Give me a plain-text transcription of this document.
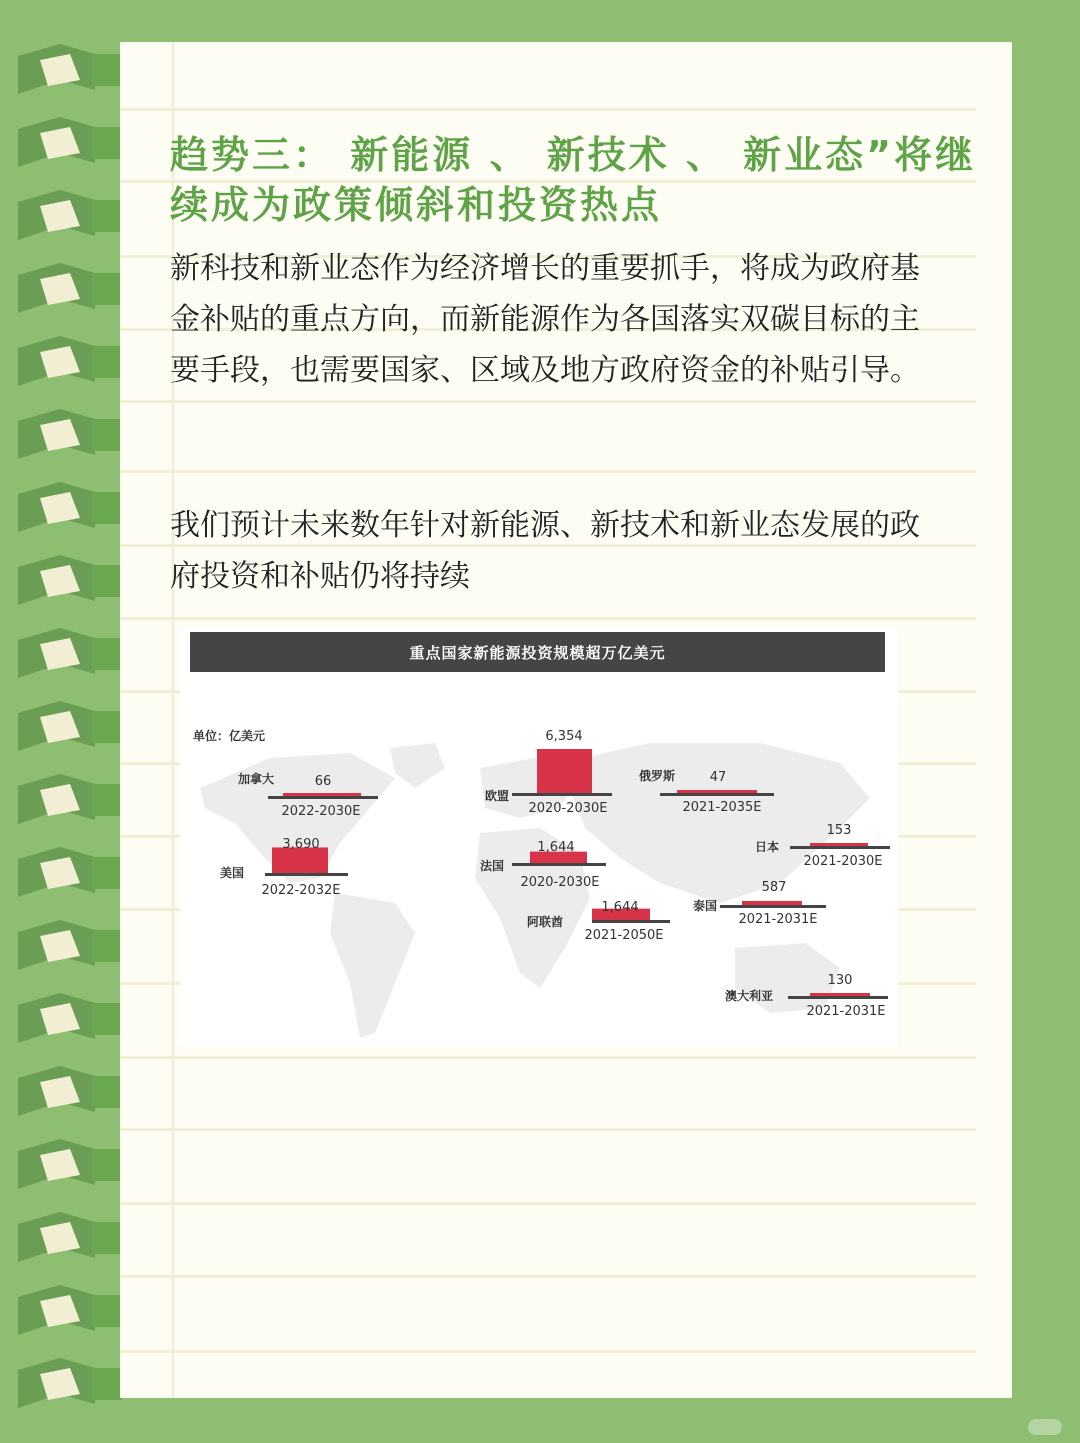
趋势三： 新能源 、 新技术 、 新业态”将继续成为政策倾斜和投资热点

新科技和新业态作为经济增长的重要抓手，将成为政府基金补贴的重点方向，而新能源作为各国落实双碳目标的主要手段，也需要国家、区域及地方政府资金的补贴引导。

我们预计未来数年针对新能源、新技术和新业态发展的政府投资和补贴仍将持续

重点国家新能源投资规模超万亿美元
单位：亿美元
加拿大	66
2022-2030E
美国
3,690
2022-2032E
欧盟
6,354
2020-2030E
法国
1,644
2020-2030E
阿联酋
1,644
2021-2050E
俄罗斯	47
2021-2035E
日本
153
2021-2030E
泰国
587
2021-2031E
澳大利亚
130
2021-2031E
